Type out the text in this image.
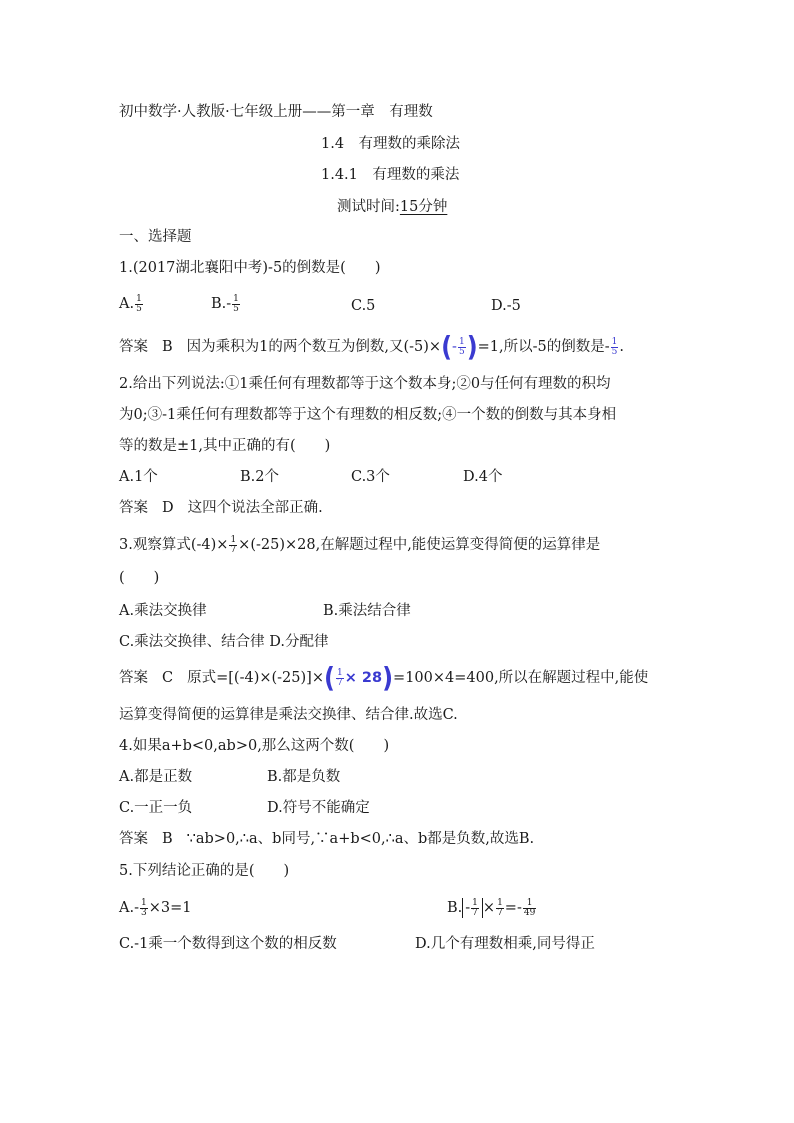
初中数学·人教版·七年级上册——第一章　有理数
1.4　有理数的乘除法
1.4.1　有理数的乘法
测试时间:15分钟
一、选择题
1.(2017湖北襄阳中考)-5的倒数是(　　)
A. $\frac{1}{5}$	$B.- \frac{1}{5}$	C.5	D.-5
答案 B 因为乘积为1的两个数互为倒数,又$(-5)\times(- \frac{1}{5} )=1$,所以-5的倒数是- $\frac{1}{5}$ .
2.给出下列说法:①1乘任何有理数都等于这个数本身;②0与任何有理数的积均
为0;③-1乘任何有理数都等于这个有理数的相反数;④一个数的倒数与其本身相
等的数是±1,其中正确的有(　　)
A.1个	B.2个	C.3个	D.4个
答案 D 这四个说法全部正确.
3.观察算式$(-4)\times \frac{1}{7} \times(-25)\times 28$,在解题过程中,能使运算变得简便的运算律是
(　　)
A.乘法交换律	B.乘法结合律
C.乘法交换律、结合律 D.分配律
答案 C 原式$=[(-4)\times(-25)]\times( \frac{1}{7} \times 28)=100\times 4=400$,所以在解题过程中,能使
运算变得简便的运算律是乘法交换律、结合律.故选C.
4.如果a+b<0,ab>0,那么这两个数(　　)
A.都是正数	B.都是负数
C.一正一负	D.符号不能确定
答案 B ∵ab>0,∴a、b同号,∵a+b<0,∴a、b都是负数,故选B.
5.下列结论正确的是(　　)
$A.- \frac{1}{3} \times 3=1$	B. - $\frac{1}{7} \times \frac{1}{7} =- \frac{1}{49}$
C.-1乘一个数得到这个数的相反数	D.几个有理数相乘,同号得正
